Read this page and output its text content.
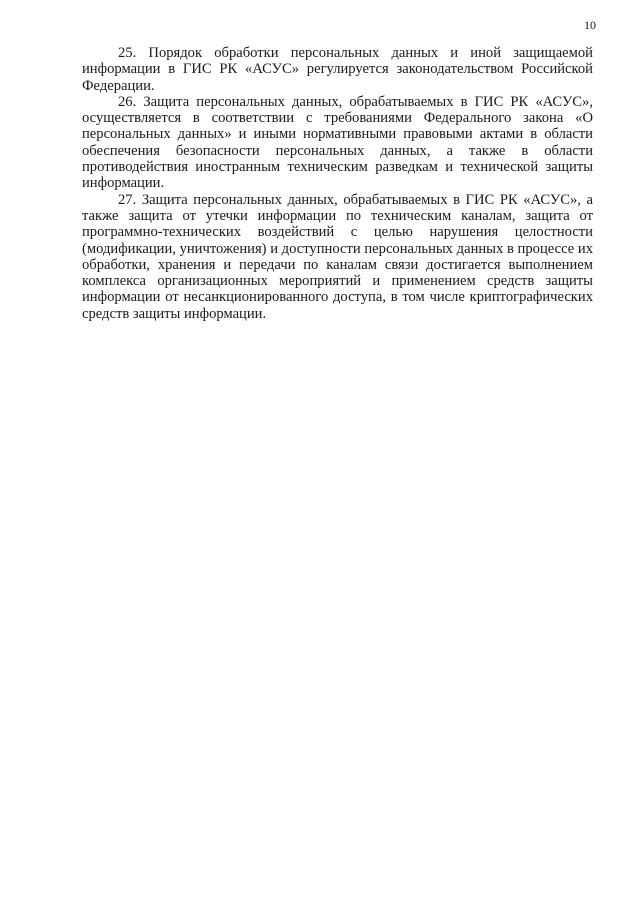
10

25. Порядок обработки персональных данных и иной защищаемой информации в ГИС РК «АСУС» регулируется законодательством Российской Федерации.

26. Защита персональных данных, обрабатываемых в ГИС РК «АСУС», осуществляется в соответствии с требованиями Федерального закона «О персональных данных» и иными нормативными правовыми актами в области обеспечения безопасности персональных данных, а также в области противодействия иностранным техническим разведкам и технической защиты информации.

27. Защита персональных данных, обрабатываемых в ГИС РК «АСУС», а также защита от утечки информации по техническим каналам, защита от программно-технических воздействий с целью нарушения целостности (модификации, уничтожения) и доступности персональных данных в процессе их обработки, хранения и передачи по каналам связи достигается выполнением комплекса организационных мероприятий и применением средств защиты информации от несанкционированного доступа, в том числе криптографических средств защиты информации.
